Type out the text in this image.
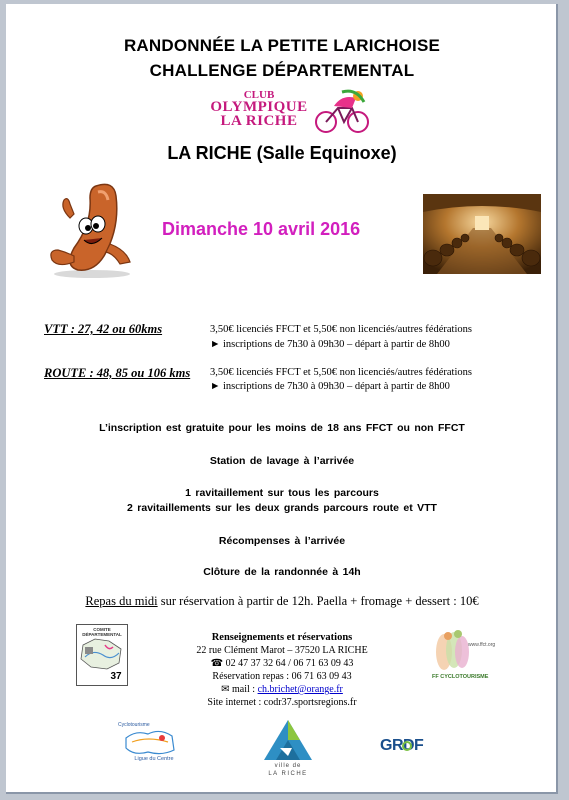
RANDONNÉE LA PETITE LARICHOISE
CHALLENGE DÉPARTEMENTAL
CLUB
OLYMPIQUE
LA RICHE
LA RICHE (Salle Equinoxe)
Dimanche 10 avril 2016
VTT : 27, 42 ou 60kms	3,50€ licenciés FFCT et 5,50€ non licenciés/autres fédérations
► inscriptions de 7h30 à 09h30 – départ à partir de 8h00
ROUTE : 48, 85 ou 106 kms 3,50€ licenciés FFCT et 5,50€ non licenciés/autres fédérations
► inscriptions de 7h30 à 09h30 – départ à partir de 8h00
L’inscription est gratuite pour les moins de 18 ans FFCT ou non FFCT
Station de lavage à l’arrivée
1 ravitaillement sur tous les parcours
2 ravitaillements sur les deux grands parcours route et VTT
Récompenses à l’arrivée
Clôture de la randonnée à 14h
Repas du midi sur réservation à partir de 12h. Paella + fromage + dessert : 10€
Renseignements et réservations
22 rue Clément Marot – 37520 LA RICHE
☎ 02 47 37 32 64 / 06 71 63 09 43
Réservation repas : 06 71 63 09 43
✉ mail : ch.brichet@orange.fr
Site internet : codr37.sportsregions.fr
COMITE DÉPARTEMENTAL
37
www.ffct.org
FF CYCLOTOURISME
Cyclotourisme
Ligue du Centre
ville de
LA RICHE
GRDF
